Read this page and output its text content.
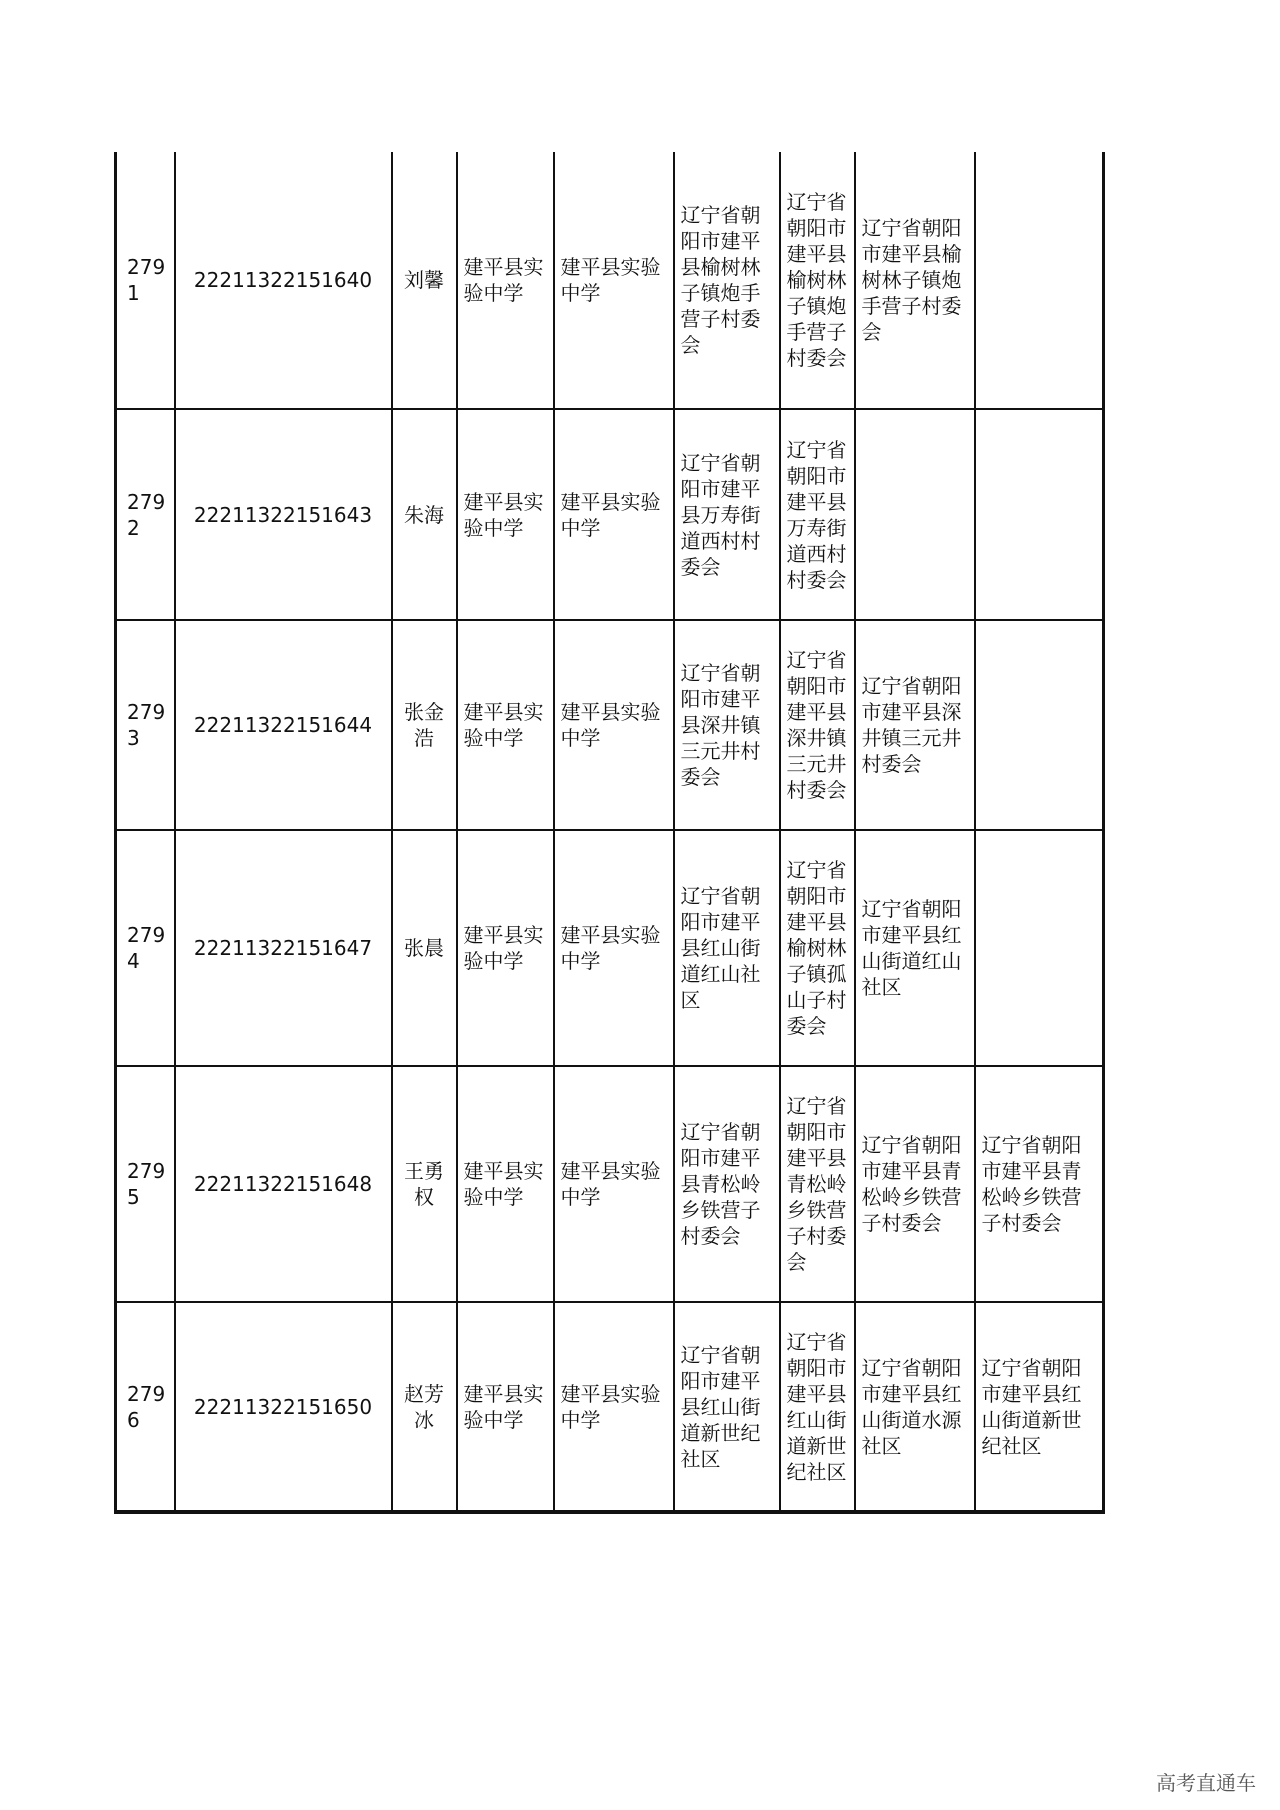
2791	22211322151640	刘馨	建平县实验中学	建平县实验中学	辽宁省朝阳市建平县榆树林子镇炮手营子村委会	辽宁省朝阳市建平县榆树林子镇炮手营子村委会	辽宁省朝阳市建平县榆树林子镇炮手营子村委会	
2792	22211322151643	朱海	建平县实验中学	建平县实验中学	辽宁省朝阳市建平县万寿街道西村村委会	辽宁省朝阳市建平县万寿街道西村村委会		
2793	22211322151644	张金浩	建平县实验中学	建平县实验中学	辽宁省朝阳市建平县深井镇三元井村委会	辽宁省朝阳市建平县深井镇三元井村委会	辽宁省朝阳市建平县深井镇三元井村委会	
2794	22211322151647	张晨	建平县实验中学	建平县实验中学	辽宁省朝阳市建平县红山街道红山社区	辽宁省朝阳市建平县榆树林子镇孤山子村委会	辽宁省朝阳市建平县红山街道红山社区	
2795	22211322151648	王勇权	建平县实验中学	建平县实验中学	辽宁省朝阳市建平县青松岭乡铁营子村委会	辽宁省朝阳市建平县青松岭乡铁营子村委会	辽宁省朝阳市建平县青松岭乡铁营子村委会	辽宁省朝阳市建平县青松岭乡铁营子村委会
2796	22211322151650	赵芳冰	建平县实验中学	建平县实验中学	辽宁省朝阳市建平县红山街道新世纪社区	辽宁省朝阳市建平县红山街道新世纪社区	辽宁省朝阳市建平县红山街道水源社区	辽宁省朝阳市建平县红山街道新世纪社区
高考直通车
